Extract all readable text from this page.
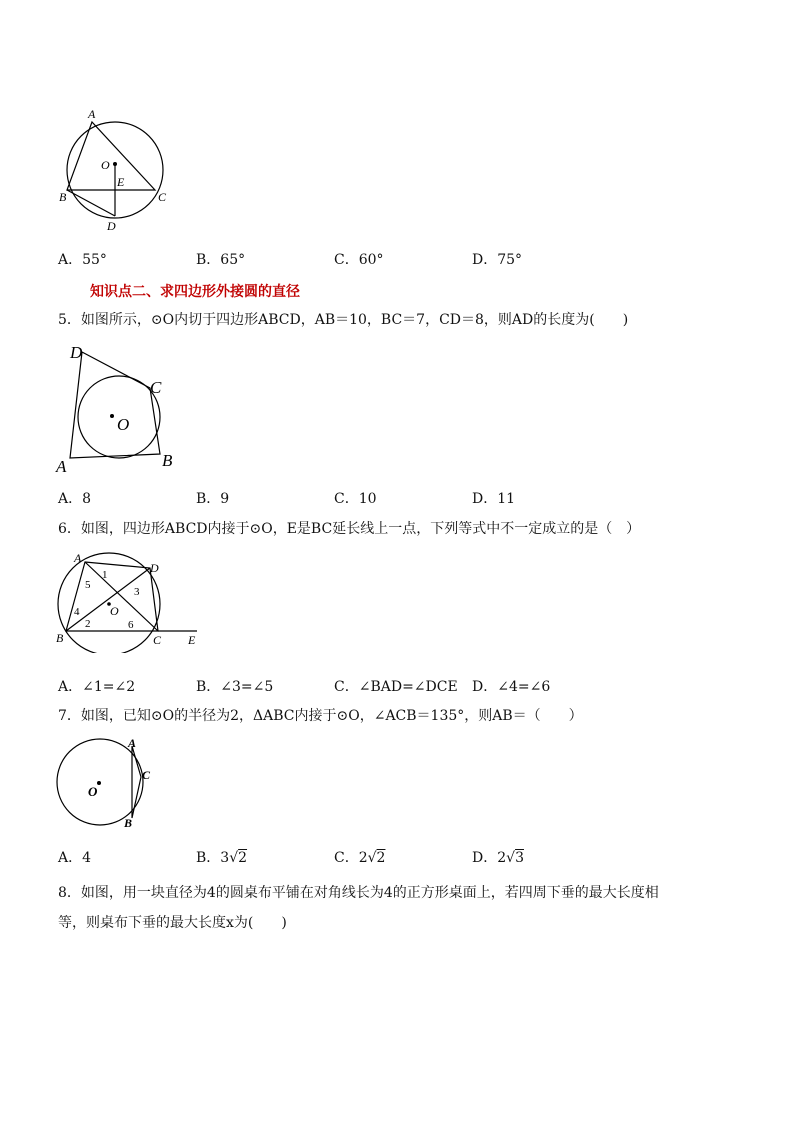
A
O
E
B	C
D
A．55°	B．65°	C．60°	D．75°
知识点二、求四边形外接圆的直径
5．如图所示，⊙O内切于四边形ABCD，AB＝10，BC＝7，CD＝8，则AD的长度为(　　)
D
C
O
A	B
A．8	B．9	C．10	D．11
6．如图，四边形ABCD内接于⊙O，E是BC延长线上一点，下列等式中不一定成立的是（　）
A
D
B	C E
O
1
2
3
4
5
6
A．∠1=∠2	B．∠3=∠5	C．∠BAD=∠DCE D．∠4=∠6
7．如图，已知⊙O的半径为2，ΔABC内接于⊙O，∠ACB＝135°，则AB＝（　　）
A
C
B
O
A．4	B．3√2	C．2√2	D．2√3
8．如图，用一块直径为4的圆桌布平铺在对角线长为4的正方形桌面上，若四周下垂的最大长度相
等，则桌布下垂的最大长度x为(　　)
